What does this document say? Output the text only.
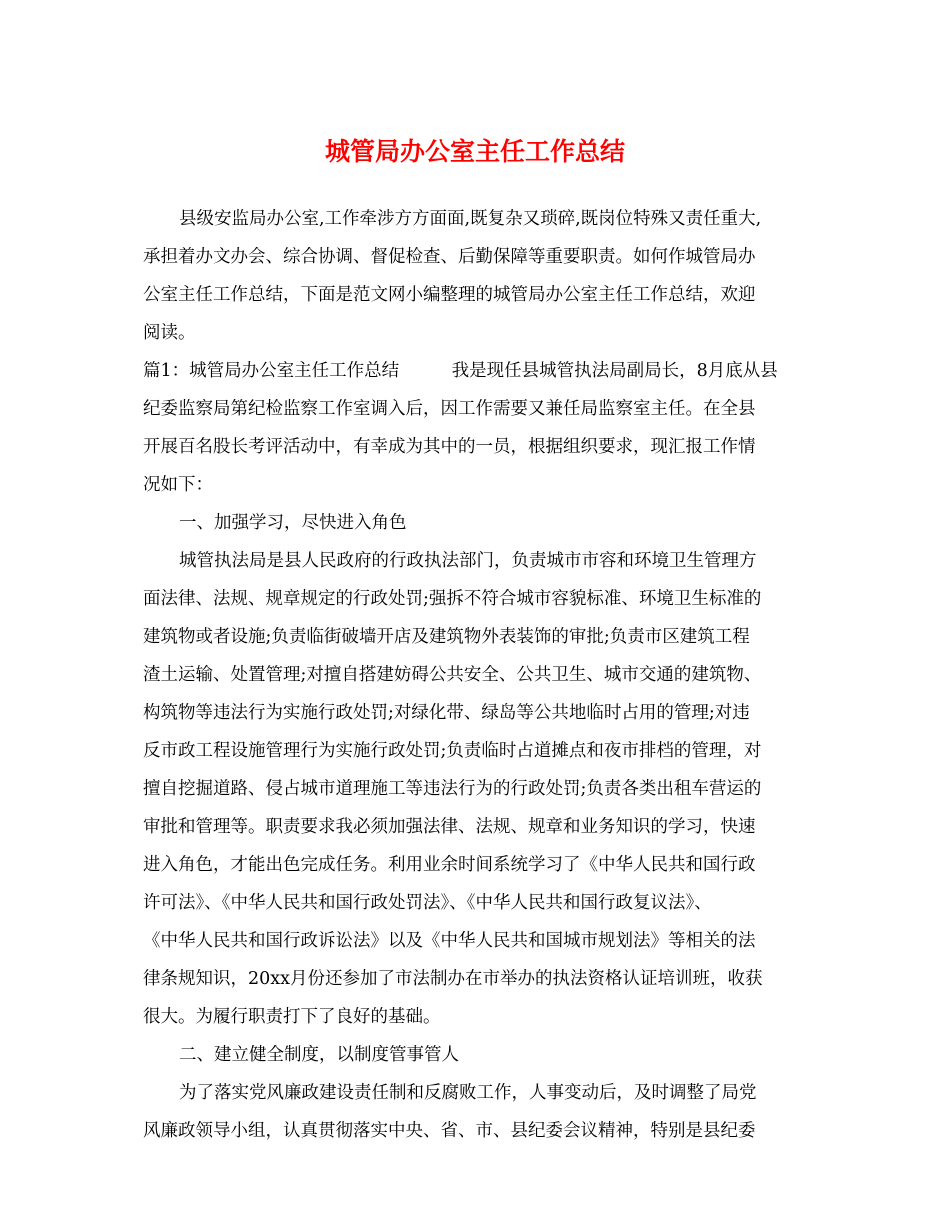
城管局办公室主任工作总结

县级安监局办公室,工作牵涉方方面面,既复杂又琐碎,既岗位特殊又责任重大,

承担着办文办会、综合协调、督促检查、后勤保障等重要职责。如何作城管局办

公室主任工作总结，下面是范文网小编整理的城管局办公室主任工作总结，欢迎

阅读。

篇1：城管局办公室主任工作总结　　　我是现任县城管执法局副局长，8月底从县

纪委监察局第纪检监察工作室调入后，因工作需要又兼任局监察室主任。在全县

开展百名股长考评活动中，有幸成为其中的一员，根据组织要求，现汇报工作情

况如下：

一、加强学习，尽快进入角色

城管执法局是县人民政府的行政执法部门，负责城市市容和环境卫生管理方

面法律、法规、规章规定的行政处罚;强拆不符合城市容貌标准、环境卫生标准的

建筑物或者设施;负责临街破墙开店及建筑物外表装饰的审批;负责市区建筑工程

渣土运输、处置管理;对擅自搭建妨碍公共安全、公共卫生、城市交通的建筑物、

构筑物等违法行为实施行政处罚;对绿化带、绿岛等公共地临时占用的管理;对违

反市政工程设施管理行为实施行政处罚;负责临时占道摊点和夜市排档的管理，对

擅自挖掘道路、侵占城市道理施工等违法行为的行政处罚;负责各类出租车营运的

审批和管理等。职责要求我必须加强法律、法规、规章和业务知识的学习，快速

进入角色，才能出色完成任务。利用业余时间系统学习了《中华人民共和国行政

许可法》、《中华人民共和国行政处罚法》、《中华人民共和国行政复议法》、

《中华人民共和国行政诉讼法》以及《中华人民共和国城市规划法》等相关的法

律条规知识，20xx月份还参加了市法制办在市举办的执法资格认证培训班，收获

很大。为履行职责打下了良好的基础。

二、建立健全制度，以制度管事管人

为了落实党风廉政建设责任制和反腐败工作，人事变动后，及时调整了局党

风廉政领导小组，认真贯彻落实中央、省、市、县纪委会议精神，特别是县纪委
